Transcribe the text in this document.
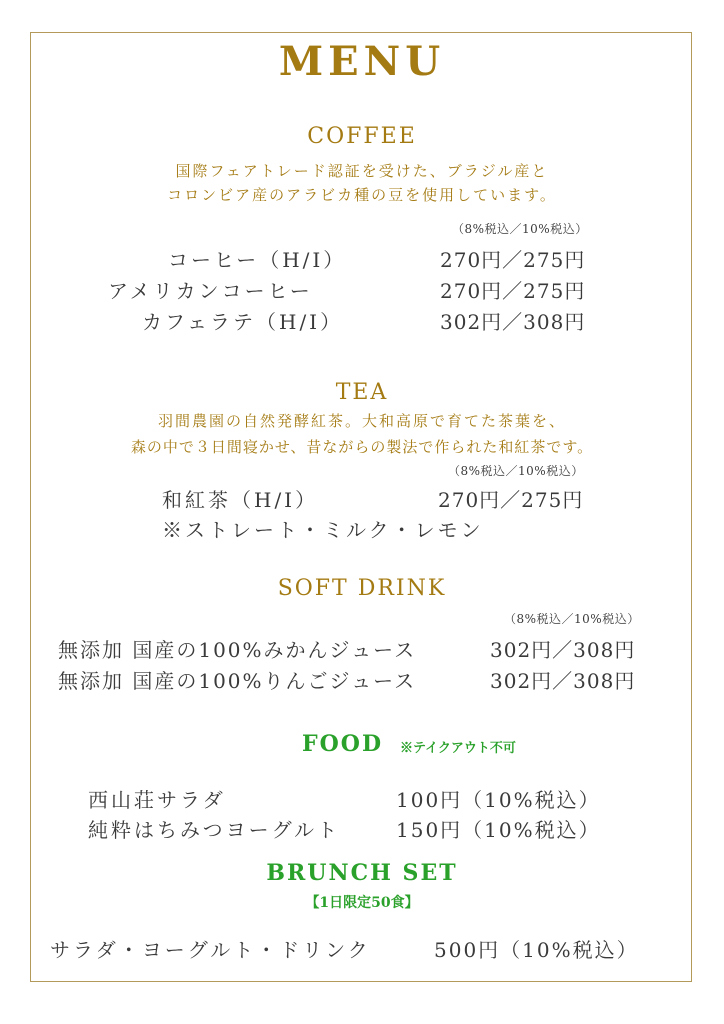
MENU
COFFEE
国際フェアトレード認証を受けた、ブラジル産と
コロンビア産のアラビカ種の豆を使用しています。
（8%税込／10%税込）
コーヒー（H/I）	270円／275円
アメリカンコーヒー	270円／275円
カフェラテ（H/I）	302円／308円
TEA
羽間農園の自然発酵紅茶。大和高原で育てた茶葉を、
森の中で３日間寝かせ、昔ながらの製法で作られた和紅茶です。
（8%税込／10%税込）
和紅茶（H/I）	270円／275円
※ストレート・ミルク・レモン
SOFT DRINK
（8%税込／10%税込）
無添加 国産の100%みかんジュース	302円／308円
無添加 国産の100%りんごジュース	302円／308円
FOOD ※テイクアウト不可
西山荘サラダ	100円（10%税込）
純粋はちみつヨーグルト	150円（10%税込）
BRUNCH SET
【1日限定50食】
サラダ・ヨーグルト・ドリンク	500円（10%税込）
